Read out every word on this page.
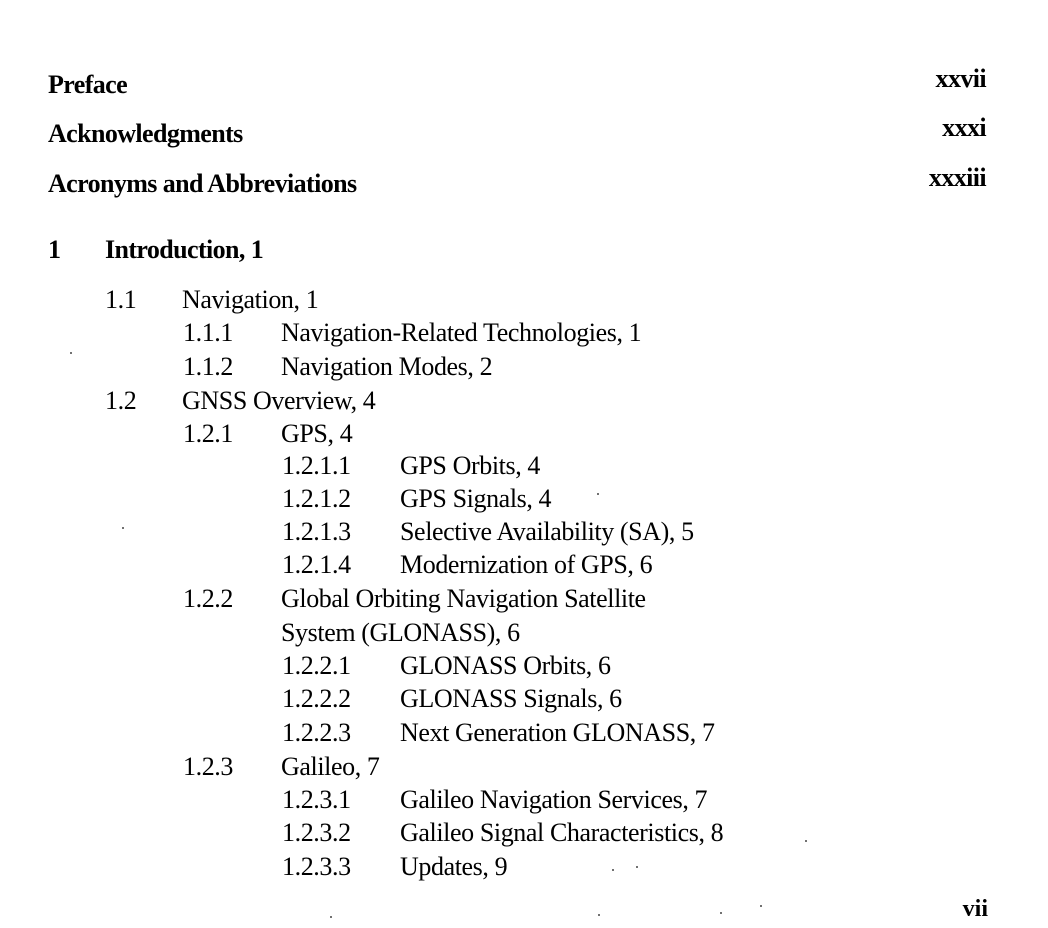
Preface	xxvii
Acknowledgments	xxxi
Acronyms and Abbreviations	xxxiii
1 Introduction, 1
1.1 Navigation, 1
1.1.1 Navigation-Related Technologies, 1
1.1.2 Navigation Modes, 2
1.2 GNSS Overview, 4
1.2.1 GPS, 4
1.2.1.1 GPS Orbits, 4
1.2.1.2 GPS Signals, 4
1.2.1.3 Selective Availability (SA), 5
1.2.1.4 Modernization of GPS, 6
1.2.2 Global Orbiting Navigation Satellite
System (GLONASS), 6
1.2.2.1 GLONASS Orbits, 6
1.2.2.2 GLONASS Signals, 6
1.2.2.3 Next Generation GLONASS, 7
1.2.3 Galileo, 7
1.2.3.1 Galileo Navigation Services, 7
1.2.3.2 Galileo Signal Characteristics, 8
1.2.3.3 Updates, 9
vii
